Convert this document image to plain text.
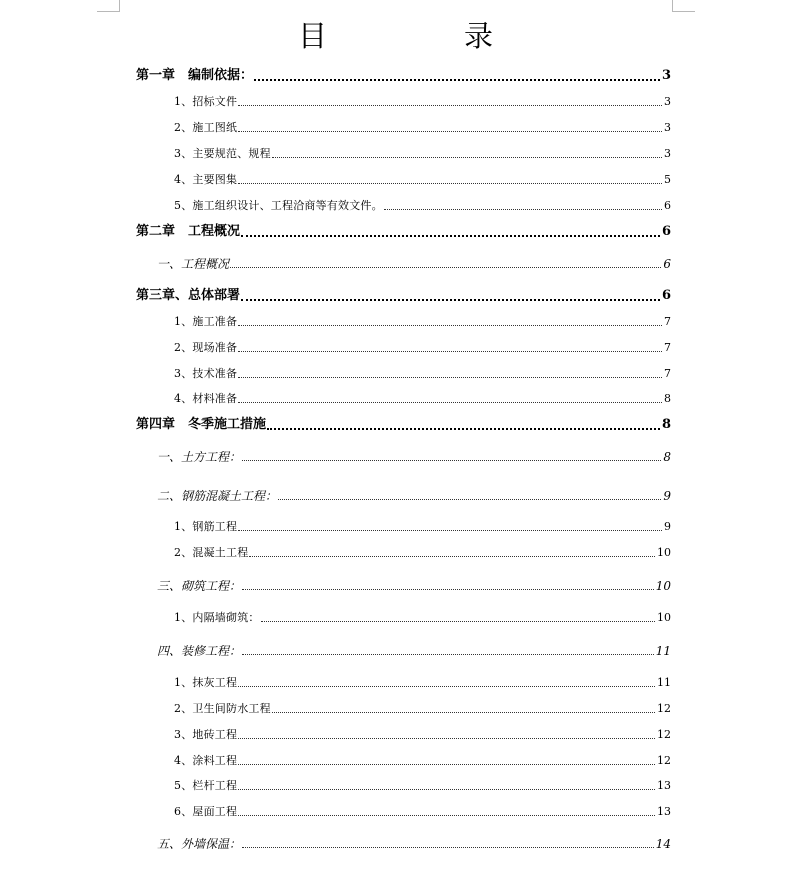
目　录
第一章　编制依据：	3
1、招标文件	3
2、施工图纸	3
3、主要规范、规程	3
4、主要图集	5
5、施工组织设计、工程洽商等有效文件。	6
第二章　工程概况	6
一、工程概况	6
第三章、总体部署	6
1、施工准备	7
2、现场准备	7
3、技术准备	7
4、材料准备	8
第四章　冬季施工措施	8
一、土方工程：	8
二、钢筋混凝土工程：	9
1、钢筋工程	9
2、混凝土工程	10
三、砌筑工程：	10
1、内隔墙砌筑：	10
四、装修工程：	11
1、抹灰工程	11
2、卫生间防水工程	12
3、地砖工程	12
4、涂料工程	12
5、栏杆工程	13
6、屋面工程	13
五、外墙保温：	14
